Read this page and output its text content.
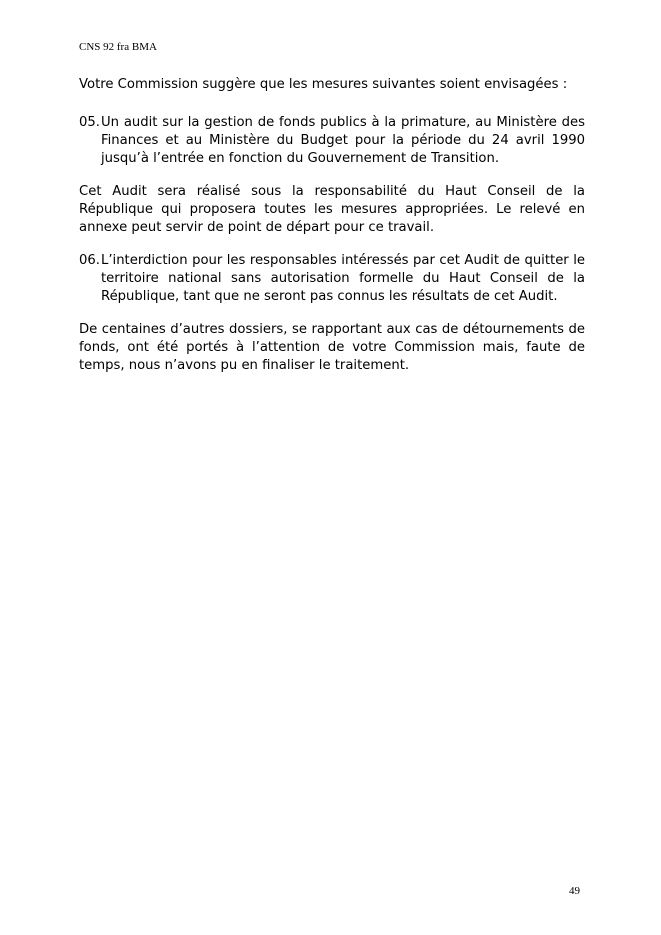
CNS 92 fra BMA

Votre Commission suggère que les mesures suivantes soient envisagées :

05. Un audit sur la gestion de fonds publics à la primature, au Ministère des Finances et au Ministère du Budget pour la période du 24 avril 1990 jusqu’à l’entrée en fonction du Gouvernement de Transition.

Cet Audit sera réalisé sous la responsabilité du Haut Conseil de la République qui proposera toutes les mesures appropriées. Le relevé en annexe peut servir de point de départ pour ce travail.

06. L’interdiction pour les responsables intéressés par cet Audit de quitter le territoire national sans autorisation formelle du Haut Conseil de la République, tant que ne seront pas connus les résultats de cet Audit.

De centaines d’autres dossiers, se rapportant aux cas de détournements de fonds, ont été portés à l’attention de votre Commission mais, faute de temps, nous n’avons pu en finaliser le traitement.

49
